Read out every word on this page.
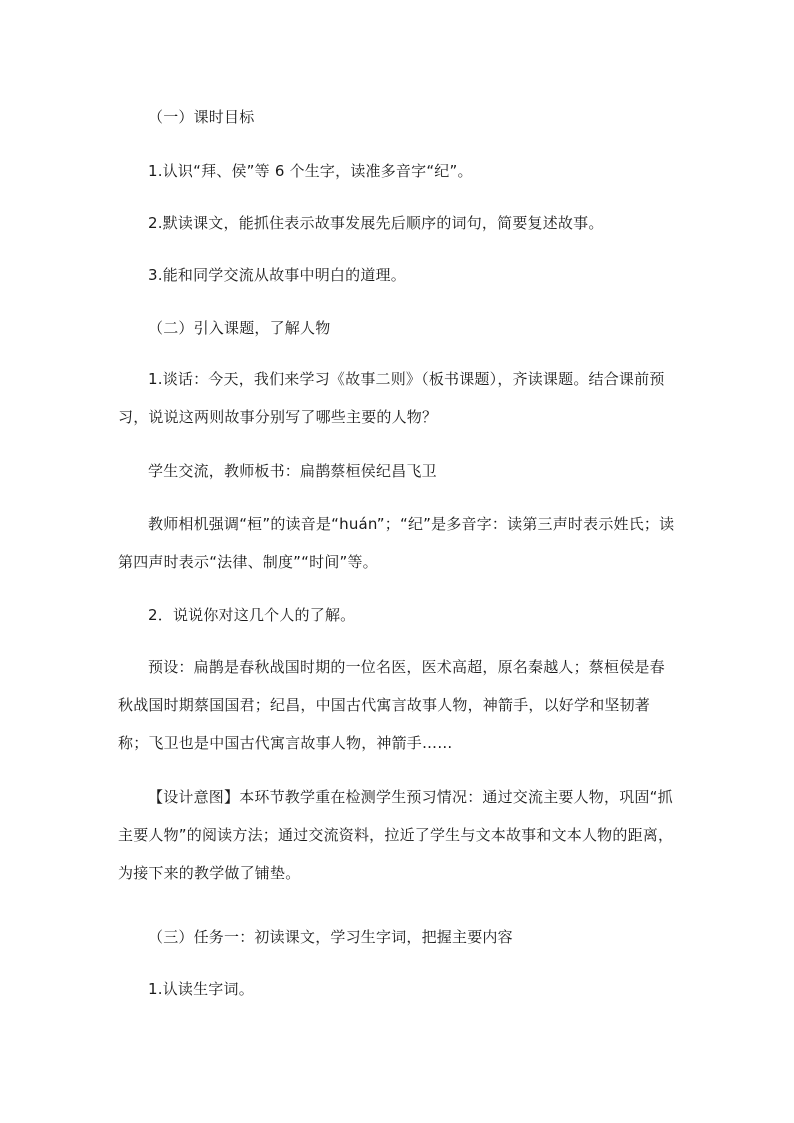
（一）课时目标

1.认识“拜、侯”等 6 个生字，读准多音字“纪”。

2.默读课文，能抓住表示故事发展先后顺序的词句，简要复述故事。

3.能和同学交流从故事中明白的道理。

（二）引入课题，了解人物

1.谈话：今天，我们来学习《故事二则》（板书课题），齐读课题。结合课前预习，说说这两则故事分别写了哪些主要的人物？

学生交流，教师板书：扁鹊蔡桓侯纪昌飞卫

教师相机强调“桓”的读音是“huán”；“纪”是多音字：读第三声时表示姓氏；读第四声时表示“法律、制度”“时间”等。

2．说说你对这几个人的了解。

预设：扁鹊是春秋战国时期的一位名医，医术高超，原名秦越人；蔡桓侯是春秋战国时期蔡国国君；纪昌，中国古代寓言故事人物，神箭手，以好学和坚韧著称；飞卫也是中国古代寓言故事人物，神箭手……

【设计意图】本环节教学重在检测学生预习情况：通过交流主要人物，巩固“抓主要人物”的阅读方法；通过交流资料，拉近了学生与文本故事和文本人物的距离，为接下来的教学做了铺垫。

（三）任务一：初读课文，学习生字词，把握主要内容

1.认读生字词。
